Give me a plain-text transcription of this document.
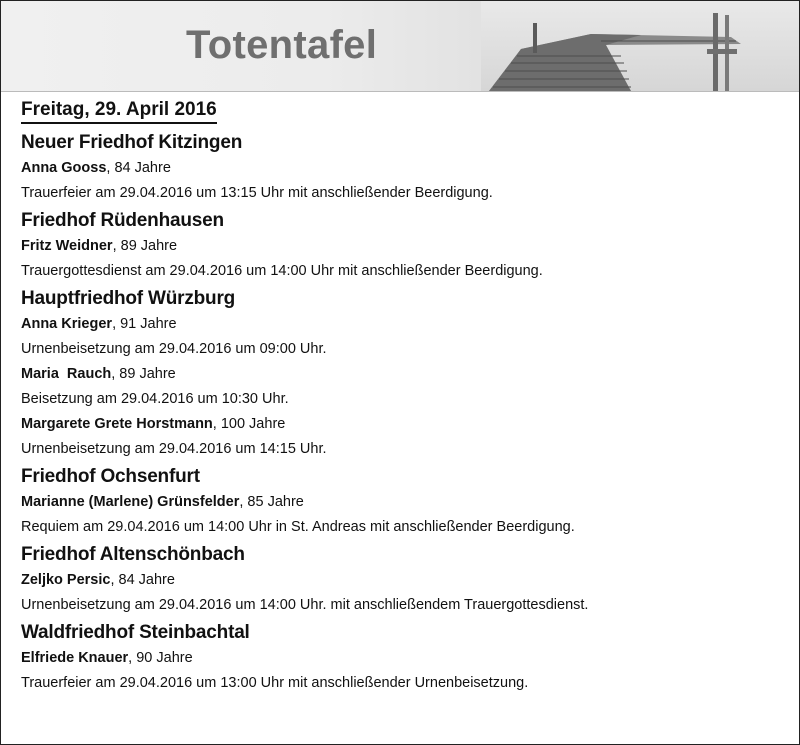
Totentafel
Freitag, 29. April 2016
Neuer Friedhof Kitzingen
Anna Gooss, 84 Jahre
Trauerfeier am 29.04.2016 um 13:15 Uhr mit anschließender Beerdigung.
Friedhof Rüdenhausen
Fritz Weidner, 89 Jahre
Trauergottesdienst am 29.04.2016 um 14:00 Uhr mit anschließender Beerdigung.
Hauptfriedhof Würzburg
Anna Krieger, 91 Jahre
Urnenbeisetzung am 29.04.2016 um 09:00 Uhr.
Maria  Rauch, 89 Jahre
Beisetzung am 29.04.2016 um 10:30 Uhr.
Margarete Grete Horstmann, 100 Jahre
Urnenbeisetzung am 29.04.2016 um 14:15 Uhr.
Friedhof Ochsenfurt
Marianne (Marlene) Grünsfelder, 85 Jahre
Requiem am 29.04.2016 um 14:00 Uhr in St. Andreas mit anschließender Beerdigung.
Friedhof Altenschönbach
Zeljko Persic, 84 Jahre
Urnenbeisetzung am 29.04.2016 um 14:00 Uhr. mit anschließendem Trauergottesdienst.
Waldfriedhof Steinbachtal
Elfriede Knauer, 90 Jahre
Trauerfeier am 29.04.2016 um 13:00 Uhr mit anschließender Urnenbeisetzung.
